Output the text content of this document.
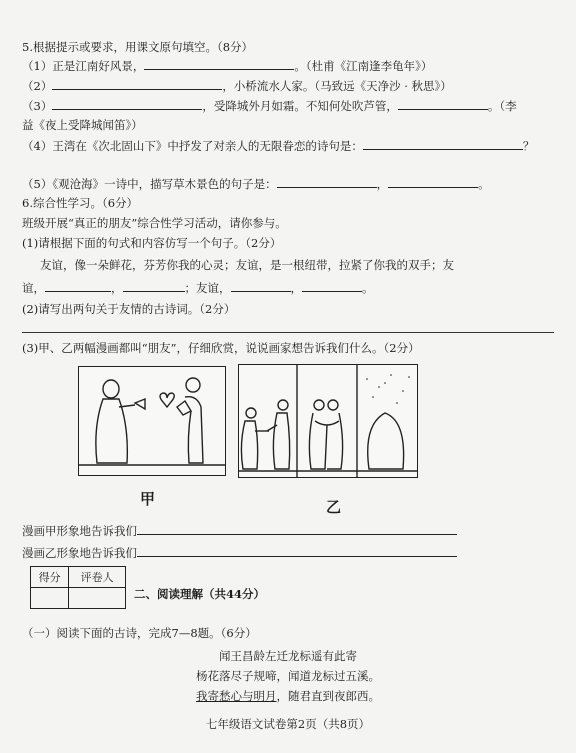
5.根据提示或要求，用课文原句填空。（8分）
（1）正是江南好风景，	。（杜甫《江南逢李龟年》）
（2）	，小桥流水人家。（马致远《天净沙 · 秋思》）
（3）	，受降城外月如霜。不知何处吹芦管，	。（李
益《夜上受降城闻笛》）
（4）王湾在《次北固山下》中抒发了对亲人的无限眷恋的诗句是：	？
（5）《观沧海》一诗中，描写草木景色的句子是：	，	。
6.综合性学习。（6分）
班级开展“真正的朋友”综合性学习活动，请你参与。
(1)请根据下面的句式和内容仿写一个句子。（2分）
友谊，像一朵鲜花，芬芳你我的心灵；友谊，是一根纽带，拉紧了你我的双手；友
谊，	，	；友谊，	，	。
(2)请写出两句关于友情的古诗词。（2分）
(3)甲、乙两幅漫画都叫“朋友”，仔细欣赏，说说画家想告诉我们什么。（2分）
甲	乙
漫画甲形象地告诉我们
漫画乙形象地告诉我们
得分	评卷人

二、阅读理解（共44分）
（一）阅读下面的古诗，完成7—8题。（6分）
闻王昌龄左迁龙标遥有此寄
杨花落尽子规啼，闻道龙标过五溪。
我寄愁心与明月，随君直到夜郎西。
七年级语文试卷第2页（共8页）
